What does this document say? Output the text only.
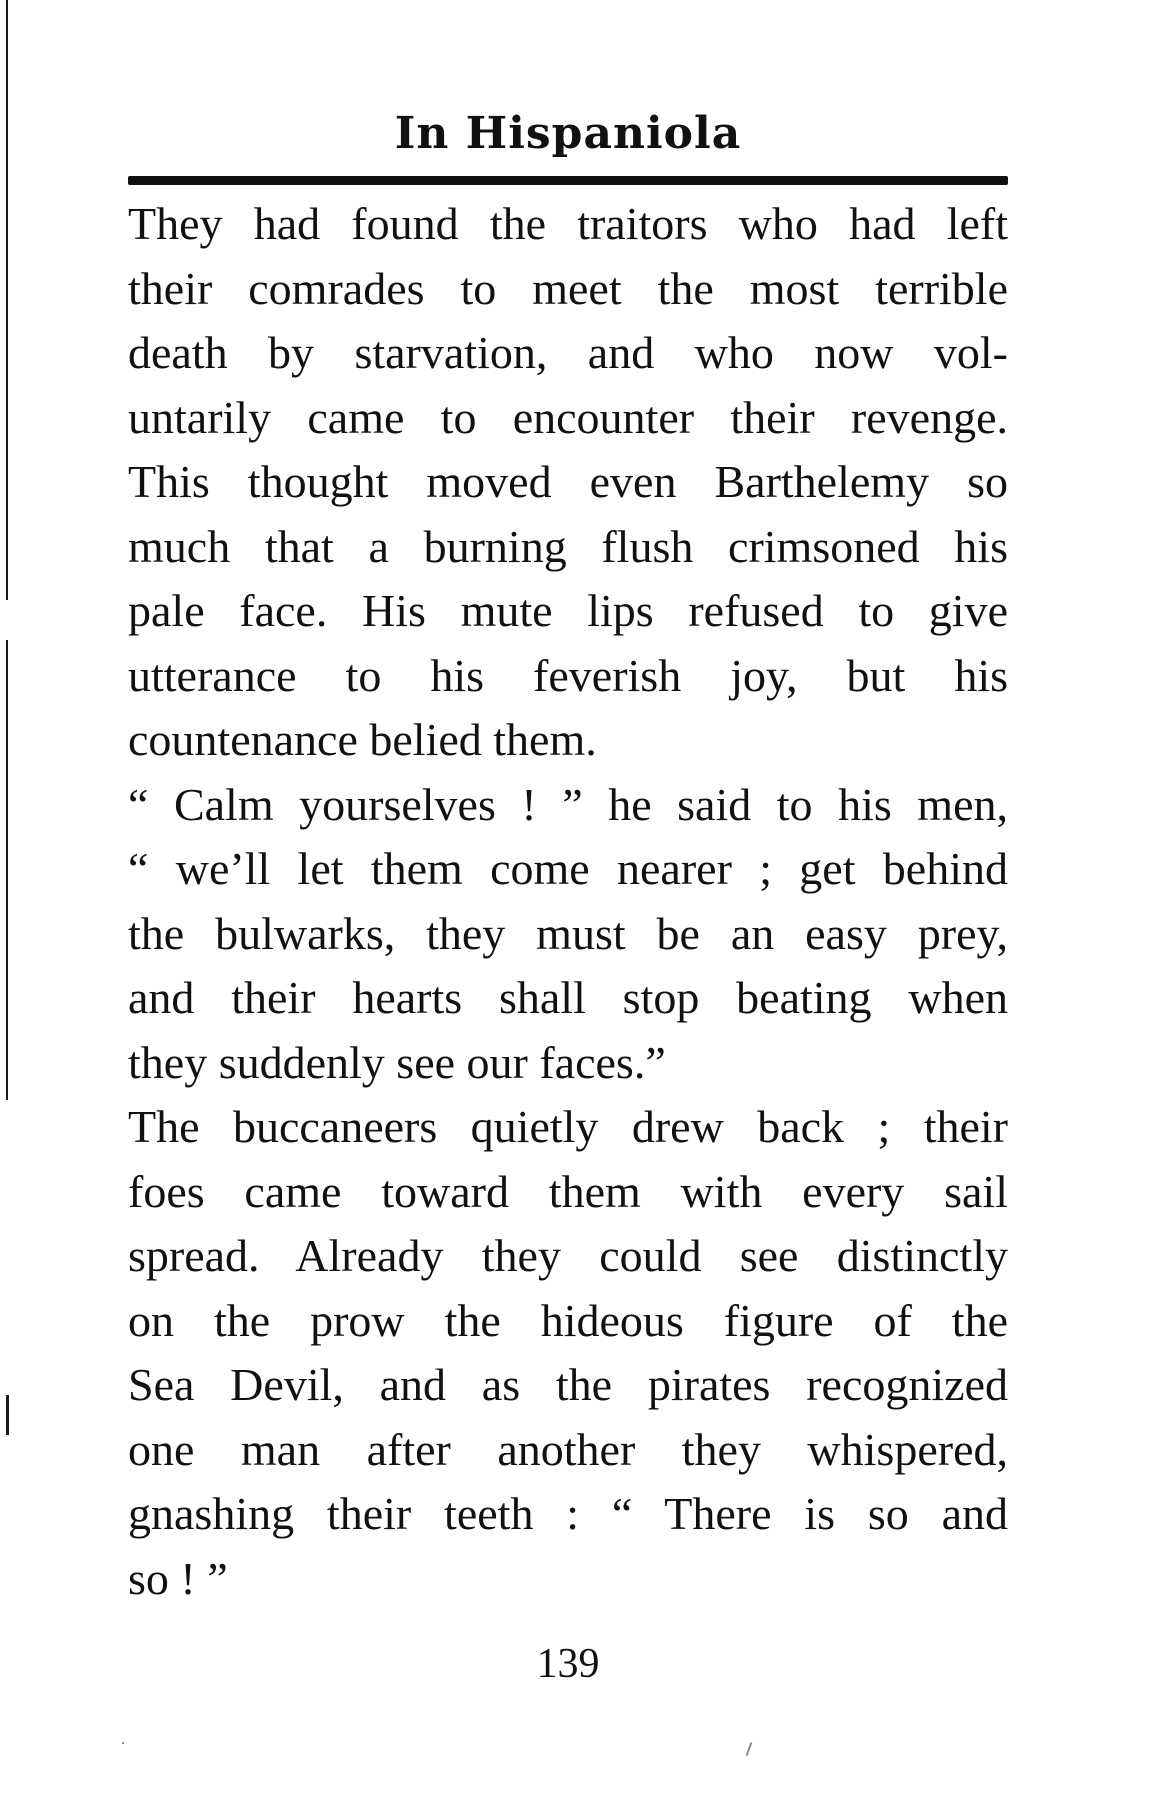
In Hispaniola
They had found the traitors who had left
their comrades to meet the most terrible
death by starvation, and who now vol-
untarily came to encounter their revenge.
This thought moved even Barthelemy so
much that a burning flush crimsoned his
pale face. His mute lips refused to give
utterance to his feverish joy, but his
countenance belied them.
“ Calm yourselves ! ” he said to his men,
“ we’ll let them come nearer ; get behind
the bulwarks, they must be an easy prey,
and their hearts shall stop beating when
they suddenly see our faces.”
The buccaneers quietly drew back ; their
foes came toward them with every sail
spread. Already they could see distinctly
on the prow the hideous figure of the
Sea Devil, and as the pirates recognized
one man after another they whispered,
gnashing their teeth : “ There is so and
so ! ”
139
